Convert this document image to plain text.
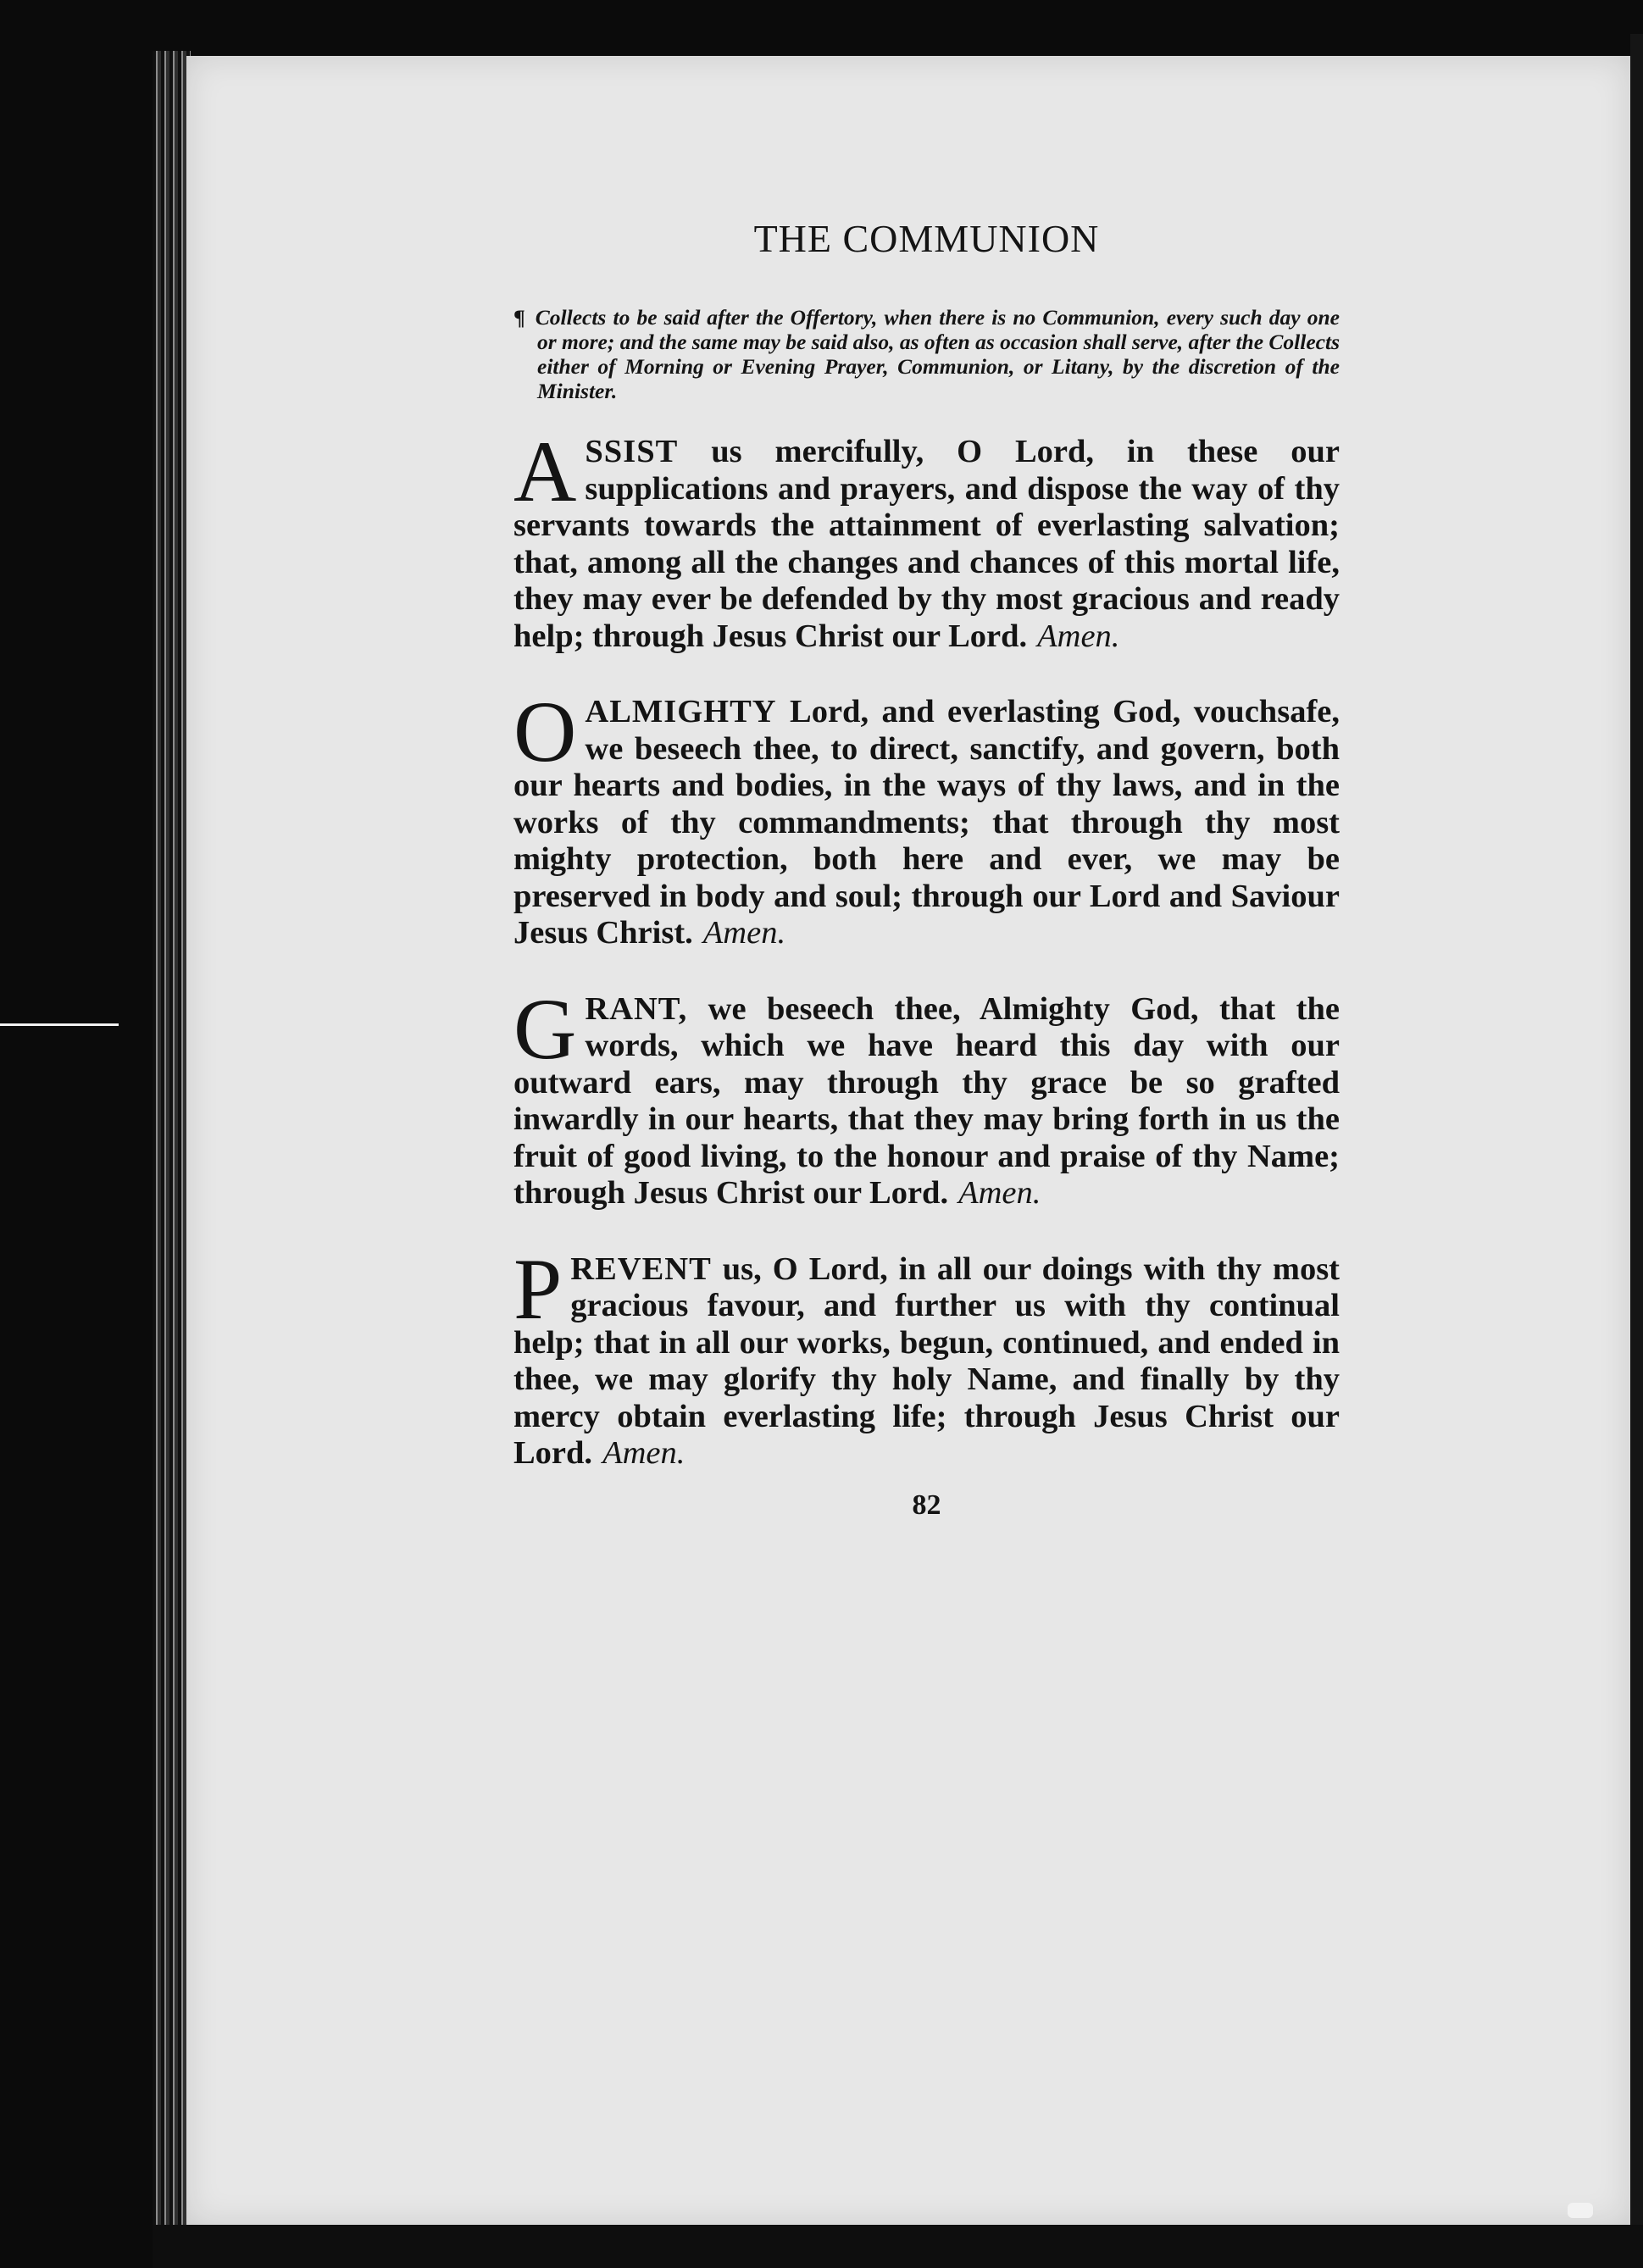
THE COMMUNION

¶ Collects to be said after the Offertory, when there is no Communion, every such day one or more; and the same may be said also, as often as occasion shall serve, after the Collects either of Morning or Evening Prayer, Communion, or Litany, by the discretion of the Minister.

ASSIST us mercifully, O Lord, in these our supplications and prayers, and dispose the way of thy servants towards the attainment of everlasting salvation; that, among all the changes and chances of this mortal life, they may ever be defended by thy most gracious and ready help; through Jesus Christ our Lord. Amen.

O ALMIGHTY Lord, and everlasting God, vouchsafe, we beseech thee, to direct, sanctify, and govern, both our hearts and bodies, in the ways of thy laws, and in the works of thy commandments; that through thy most mighty protection, both here and ever, we may be preserved in body and soul; through our Lord and Saviour Jesus Christ. Amen.

GRANT, we beseech thee, Almighty God, that the words, which we have heard this day with our outward ears, may through thy grace be so grafted inwardly in our hearts, that they may bring forth in us the fruit of good living, to the honour and praise of thy Name; through Jesus Christ our Lord. Amen.

PREVENT us, O Lord, in all our doings with thy most gracious favour, and further us with thy continual help; that in all our works, begun, continued, and ended in thee, we may glorify thy holy Name, and finally by thy mercy obtain everlasting life; through Jesus Christ our Lord. Amen.

82
